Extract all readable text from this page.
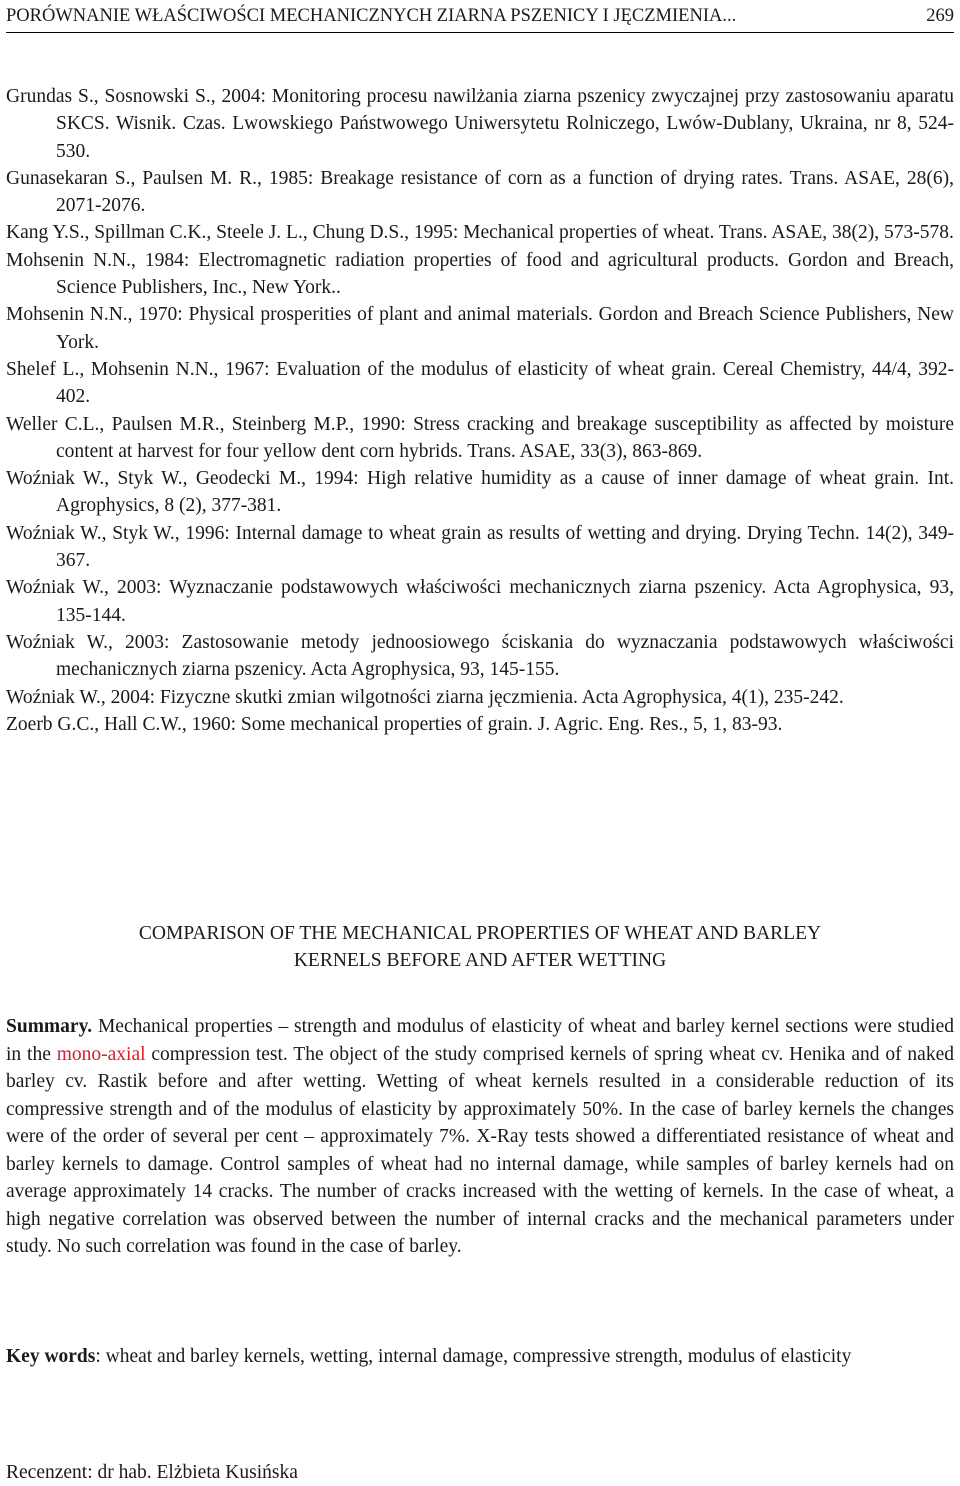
PORÓWNANIE WŁAŚCIWOŚCI MECHANICZNYCH ZIARNA PSZENICY I JĘCZMIENIA...	269

Grundas S., Sosnowski S., 2004: Monitoring procesu nawilżania ziarna pszenicy zwyczajnej przy zastosowaniu aparatu SKCS. Wisnik. Czas. Lwowskiego Państwowego Uniwersytetu Rolniczego, Lwów-Dublany, Ukraina, nr 8, 524-530.

Gunasekaran S., Paulsen M. R., 1985: Breakage resistance of corn as a function of drying rates. Trans. ASAE, 28(6), 2071-2076.

Kang Y.S., Spillman C.K., Steele J. L., Chung D.S., 1995: Mechanical properties of wheat. Trans. ASAE, 38(2), 573-578.

Mohsenin N.N., 1984: Electromagnetic radiation properties of food and agricultural products. Gordon and Breach, Science Publishers, Inc., New York..

Mohsenin N.N., 1970: Physical prosperities of plant and animal materials. Gordon and Breach Science Publishers, New York.

Shelef L., Mohsenin N.N., 1967: Evaluation of the modulus of elasticity of wheat grain. Cereal Chemistry, 44/4, 392-402.

Weller C.L., Paulsen M.R., Steinberg M.P., 1990: Stress cracking and breakage susceptibility as affected by moisture content at harvest for four yellow dent corn hybrids. Trans. ASAE, 33(3), 863-869.

Woźniak W., Styk W., Geodecki M., 1994: High relative humidity as a cause of inner damage of wheat grain. Int. Agrophysics, 8 (2), 377-381.

Woźniak W., Styk W., 1996: Internal damage to wheat grain as results of wetting and drying. Drying Techn. 14(2), 349-367.

Woźniak W., 2003: Wyznaczanie podstawowych właściwości mechanicznych ziarna pszenicy. Acta Agrophysica, 93, 135-144.

Woźniak W., 2003: Zastosowanie metody jednoosiowego ściskania do wyznaczania podstawowych właściwości mechanicznych ziarna pszenicy. Acta Agrophysica, 93, 145-155.

Woźniak W., 2004: Fizyczne skutki zmian wilgotności ziarna jęczmienia. Acta Agrophysica, 4(1), 235-242.

Zoerb G.C., Hall C.W., 1960: Some mechanical properties of grain. J. Agric. Eng. Res., 5, 1, 83-93.

COMPARISON OF THE MECHANICAL PROPERTIES OF WHEAT AND BARLEY
KERNELS BEFORE AND AFTER WETTING

Summary. Mechanical properties – strength and modulus of elasticity of wheat and barley kernel sections were studied in the mono-axial compression test. The object of the study comprised kernels of spring wheat cv. Henika and of naked barley cv. Rastik before and after wetting. Wetting of wheat kernels resulted in a considerable reduction of its compressive strength and of the modulus of elasticity by approximately 50%. In the case of barley kernels the changes were of the order of several per cent – approximately 7%. X-Ray tests showed a differentiated resistance of wheat and barley kernels to damage. Control samples of wheat had no internal damage, while samples of barley kernels had on average approximately 14 cracks. The number of cracks increased with the wetting of kernels. In the case of wheat, a high negative correlation was observed between the number of internal cracks and the mechanical parameters under study. No such correlation was found in the case of barley.

Key words: wheat and barley kernels, wetting, internal damage, compressive strength, modulus of elasticity

Recenzent: dr hab. Elżbieta Kusińska
